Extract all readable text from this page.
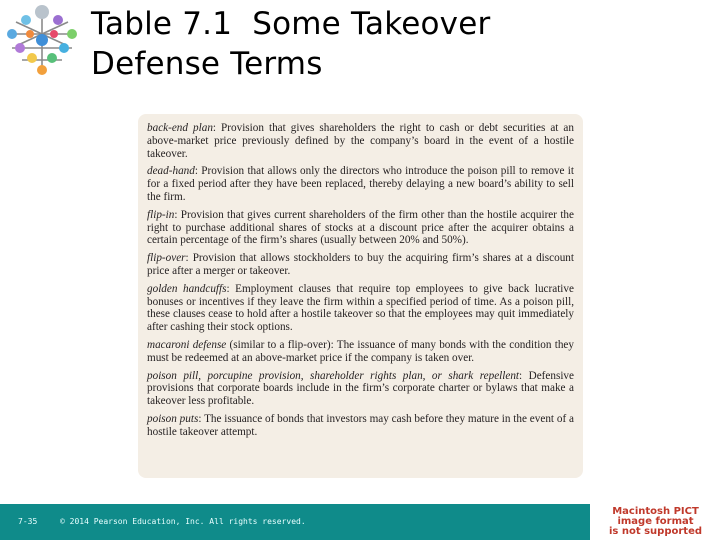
Table 7.1  Some Takeover
Defense Terms

back-end plan: Provision that gives shareholders the right to cash or debt securities at an above-market price previously defined by the company’s board in the event of a hostile takeover.

dead-hand: Provision that allows only the directors who introduce the poison pill to remove it for a fixed period after they have been replaced, thereby delaying a new board’s ability to sell the firm.

flip-in: Provision that gives current shareholders of the firm other than the hostile acquirer the right to purchase additional shares of stocks at a discount price after the acquirer obtains a certain percentage of the firm’s shares (usually between 20% and 50%).

flip-over: Provision that allows stockholders to buy the acquiring firm’s shares at a discount price after a merger or takeover.

golden handcuffs: Employment clauses that require top employees to give back lucrative bonuses or incentives if they leave the firm within a specified period of time. As a poison pill, these clauses cease to hold after a hostile takeover so that the employees may quit immediately after cashing their stock options.

macaroni defense (similar to a flip-over): The issuance of many bonds with the condition they must be redeemed at an above-market price if the company is taken over.

poison pill, porcupine provision, shareholder rights plan, or shark repellent: Defensive provisions that corporate boards include in the firm’s corporate charter or bylaws that make a takeover less profitable.

poison puts: The issuance of bonds that investors may cash before they mature in the event of a hostile takeover attempt.

7-35	© 2014 Pearson Education, Inc. All rights reserved.
Macintosh PICT
image format
is not supported
